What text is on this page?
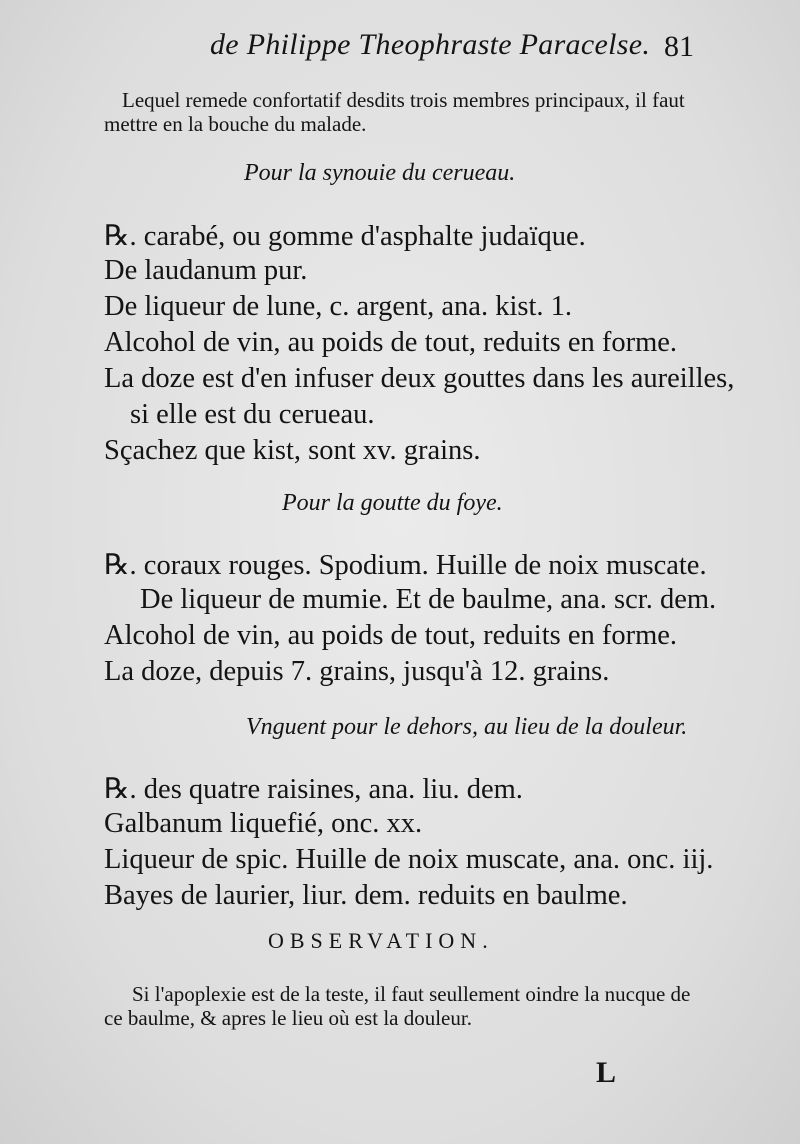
de Philippe Theophraste Paracelse. 81
Lequel remede confortatif desdits trois membres principaux, il faut
mettre en la bouche du malade.
Pour la synouie du cerueau.
℞. carabé, ou gomme d'asphalte judaïque.
De laudanum pur.
De liqueur de lune, c. argent, ana. kist. 1.
Alcohol de vin, au poids de tout, reduits en forme.
La doze est d'en infuser deux gouttes dans les aureilles,
si elle est du cerueau.
Sçachez que kist, sont xv. grains.
Pour la goutte du foye.
℞. coraux rouges. Spodium. Huille de noix muscate.
De liqueur de mumie. Et de baulme, ana. scr. dem.
Alcohol de vin, au poids de tout, reduits en forme.
La doze, depuis 7. grains, jusqu'à 12. grains.
Vnguent pour le dehors, au lieu de la douleur.
℞. des quatre raisines, ana. liu. dem.
Galbanum liquefié, onc. xx.
Liqueur de spic. Huille de noix muscate, ana. onc. iij.
Bayes de laurier, liur. dem. reduits en baulme.
OBSERVATION.
Si l'apoplexie est de la teste, il faut seullement oindre la nucque de
ce baulme, & apres le lieu où est la douleur.
L
